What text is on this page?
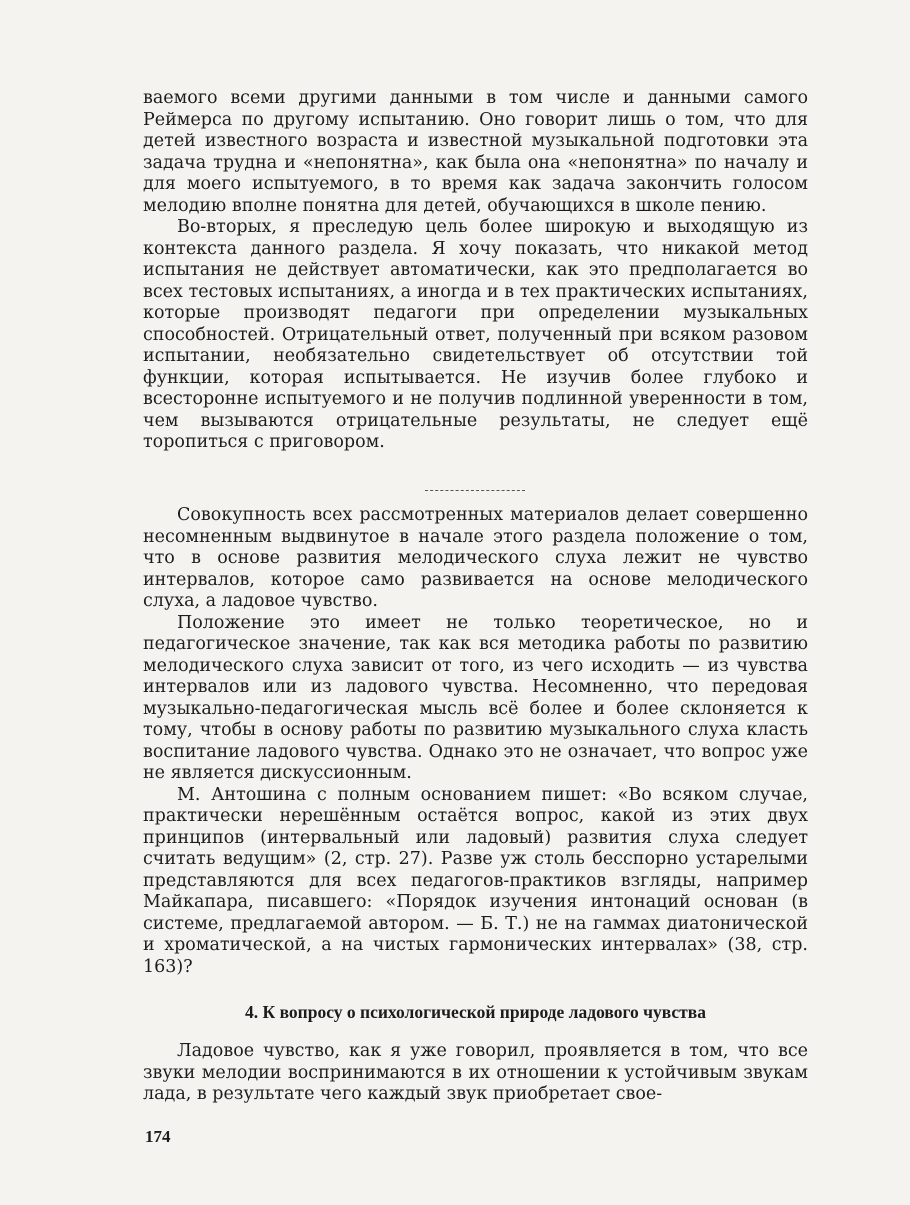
ваемого всеми другими данными в том числе и данными самого Реймерса по другому испытанию. Оно говорит лишь о том, что для детей известного возраста и известной музыкальной подготовки эта задача трудна и «непонятна», как была она «непонятна» по началу и для моего испытуемого, в то время как задача закончить голосом мелодию вполне понятна для детей, обучающихся в школе пению.

Во-вторых, я преследую цель более широкую и выходящую из контекста данного раздела. Я хочу показать, что никакой метод испытания не действует автоматически, как это предполагается во всех тестовых испытаниях, а иногда и в тех практических испытаниях, которые производят педагоги при определении музыкальных способностей. Отрицательный ответ, полученный при всяком разовом испытании, необязательно свидетельствует об отсутствии той функции, которая испытывается. Не изучив более глубоко и всесторонне испытуемого и не получив подлинной уверенности в том, чем вызываются отрицательные результаты, не следует ещё торопиться с приговором.

Совокупность всех рассмотренных материалов делает совершенно несомненным выдвинутое в начале этого раздела положение о том, что в основе развития мелодического слуха лежит не чувство интервалов, которое само развивается на основе мелодического слуха, а ладовое чувство.

Положение это имеет не только теоретическое, но и педагогическое значение, так как вся методика работы по развитию мелодического слуха зависит от того, из чего исходить — из чувства интервалов или из ладового чувства. Несомненно, что передовая музыкально-педагогическая мысль всё более и более склоняется к тому, чтобы в основу работы по развитию музыкального слуха класть воспитание ладового чувства. Однако это не означает, что вопрос уже не является дискуссионным.

М. Антошина с полным основанием пишет: «Во всяком случае, практически нерешённым остаётся вопрос, какой из этих двух принципов (интервальный или ладовый) развития слуха следует считать ведущим» (2, стр. 27). Разве уж столь бесспорно устарелыми представляются для всех педагогов-практиков взгляды, например Майкапара, писавшего: «Порядок изучения интонаций основан (в системе, предлагаемой автором. — Б. Т.) не на гаммах диатонической и хроматической, а на чистых гармонических интервалах» (38, стр. 163)?

4. К вопросу о психологической природе ладового чувства

Ладовое чувство, как я уже говорил, проявляется в том, что все звуки мелодии воспринимаются в их отношении к устойчивым звукам лада, в результате чего каждый звук приобретает свое-

174
